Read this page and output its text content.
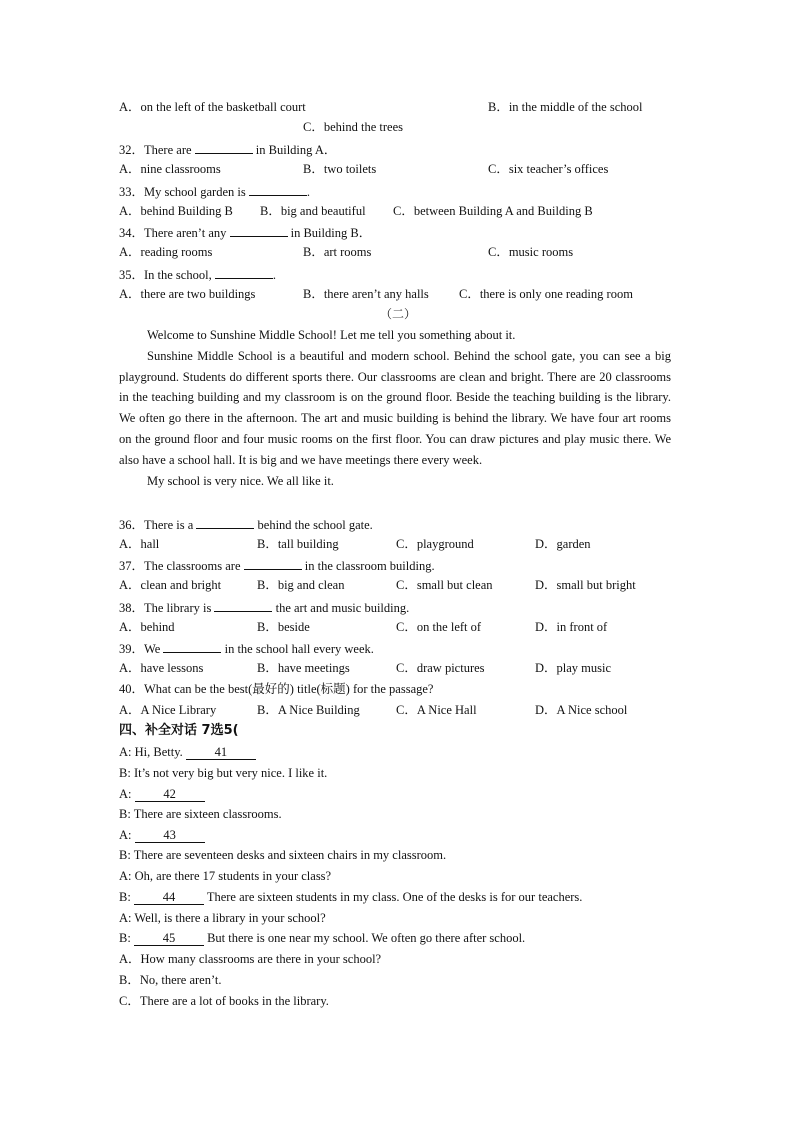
A．on the left of the basketball court	B．in the middle of the school
C．behind the trees
32．There are	in Building A．
A．nine classrooms	B．two toilets	C．six teacher’s offices
33．My school garden is	.
A．behind Building B B．big and beautiful C．between Building A and Building B
34．There aren’t any	in Building B．
A．reading rooms	B．art rooms	C．music rooms
35．In the school,	.
A．there are two buildings	B．there aren’t any halls C．there is only one reading room
（二）

Welcome to Sunshine Middle School! Let me tell you something about it.

Sunshine Middle School is a beautiful and modern school. Behind the school gate, you can see a big playground. Students do different sports there. Our classrooms are clean and bright. There are 20 classrooms in the teaching building and my classroom is on the ground floor. Beside the teaching building is the library. We often go there in the afternoon. The art and music building is behind the library. We have four art rooms on the ground floor and four music rooms on the first floor. You can draw pictures and play music there. We also have a school hall. It is big and we have meetings there every week.

My school is very nice. We all like it.

36．There is a	behind the school gate.
A．hall	B．tall building	C．playground	D．garden
37．The classrooms are	in the classroom building.
A．clean and bright	B．big and clean	C．small but clean	D．small but bright
38．The library is	the art and music building.
A．behind	B．beside	C．on the left of	D．in front of
39．We	in the school hall every week.
A．have lessons	B．have meetings	C．draw pictures	D．play music
40．What can be the best(最好的) title(标题) for the passage?
A．A Nice Library	B．A Nice Building	C．A Nice Hall	D．A Nice school
四、补全对话 7选5(
A: Hi, Betty. 41
B: It’s not very big but very nice. I like it.
A: 42
B: There are sixteen classrooms.
A: 43
B: There are seventeen desks and sixteen chairs in my classroom.
A: Oh, are there 17 students in your class?
B: 44 There are sixteen students in my class. One of the desks is for our teachers.
A: Well, is there a library in your school?
B: 45 But there is one near my school. We often go there after school.
A．How many classrooms are there in your school?
B．No, there aren’t.
C．There are a lot of books in the library.
